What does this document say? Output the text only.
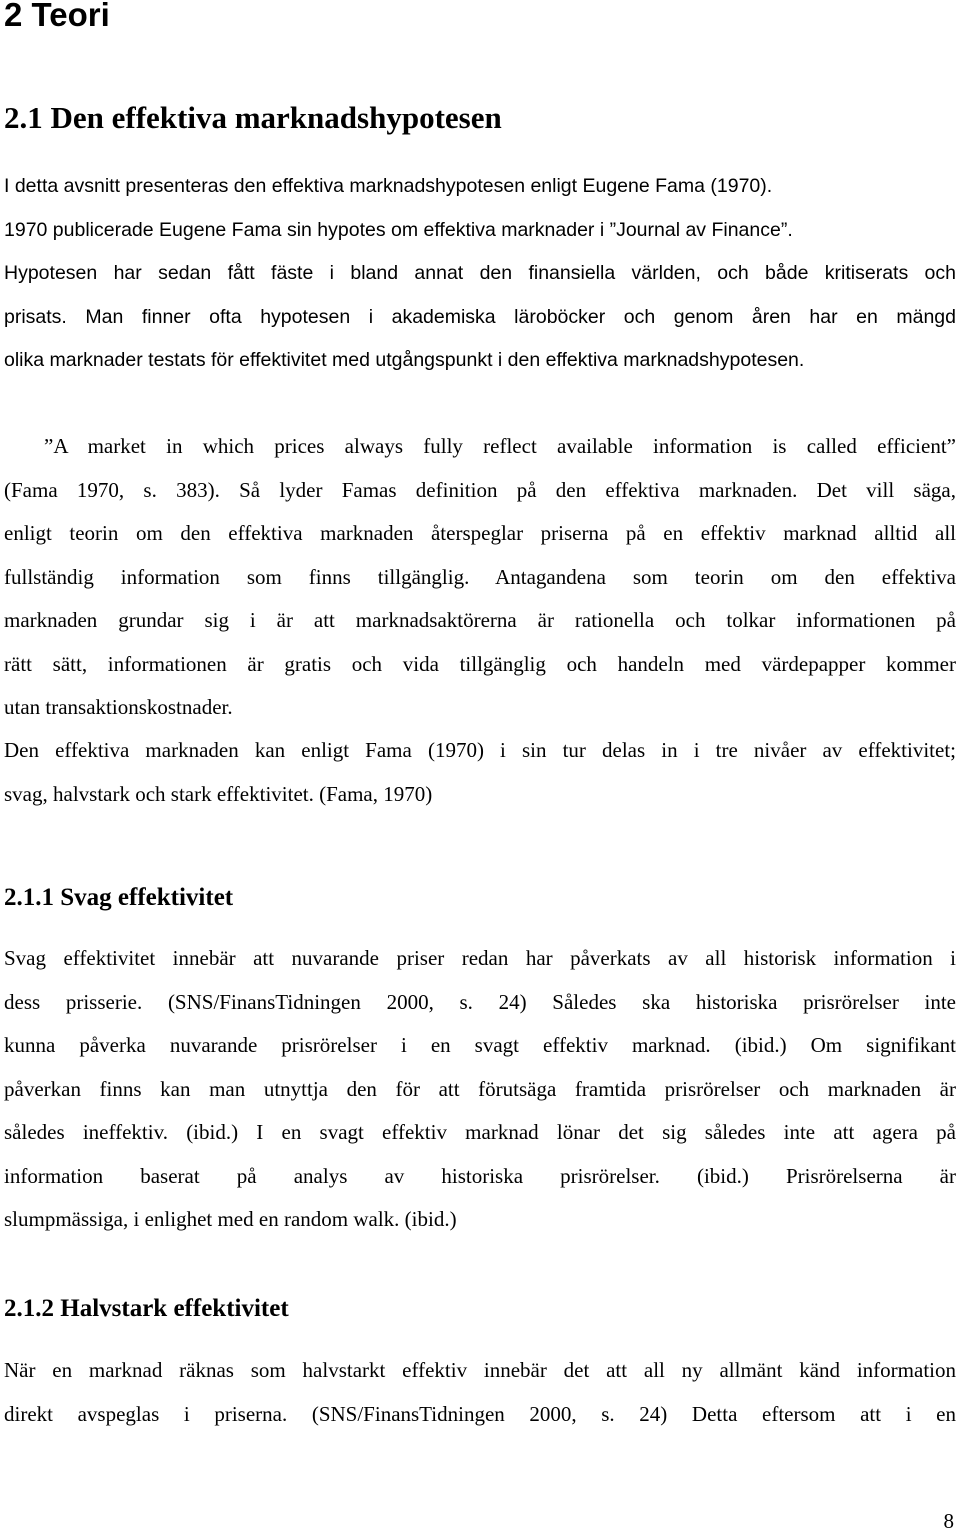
2 Teori
2.1 Den effektiva marknadshypotesen
I detta avsnitt presenteras den effektiva marknadshypotesen enligt Eugene Fama (1970).
1970 publicerade Eugene Fama sin hypotes om effektiva marknader i ”Journal av Finance”.
Hypotesen har sedan fått fäste i bland annat den finansiella världen, och både kritiserats och
prisats. Man finner ofta hypotesen i akademiska läroböcker och genom åren har en mängd
olika marknader testats för effektivitet med utgångspunkt i den effektiva marknadshypotesen.
”A market in which prices always fully reflect available information is called efficient”
(Fama 1970, s. 383). Så lyder Famas definition på den effektiva marknaden. Det vill säga,
enligt teorin om den effektiva marknaden återspeglar priserna på en effektiv marknad alltid all
fullständig information som finns tillgänglig. Antagandena som teorin om den effektiva
marknaden grundar sig i är att marknadsaktörerna är rationella och tolkar informationen på
rätt sätt, informationen är gratis och vida tillgänglig och handeln med värdepapper kommer
utan transaktionskostnader.
Den effektiva marknaden kan enligt Fama (1970) i sin tur delas in i tre nivåer av effektivitet;
svag, halvstark och stark effektivitet. (Fama, 1970)
2.1.1 Svag effektivitet
Svag effektivitet innebär att nuvarande priser redan har påverkats av all historisk information i
dess prisserie. (SNS/FinansTidningen 2000, s. 24) Således ska historiska prisrörelser inte
kunna påverka nuvarande prisrörelser i en svagt effektiv marknad. (ibid.) Om signifikant
påverkan finns kan man utnyttja den för att förutsäga framtida prisrörelser och marknaden är
således ineffektiv. (ibid.) I en svagt effektiv marknad lönar det sig således inte att agera på
information baserat på analys av historiska prisrörelser. (ibid.) Prisrörelserna är
slumpmässiga, i enlighet med en random walk. (ibid.)
2.1.2 Halvstark effektivitet
När en marknad räknas som halvstarkt effektiv innebär det att all ny allmänt känd information
direkt avspeglas i priserna. (SNS/FinansTidningen 2000, s. 24) Detta eftersom att i en
8
